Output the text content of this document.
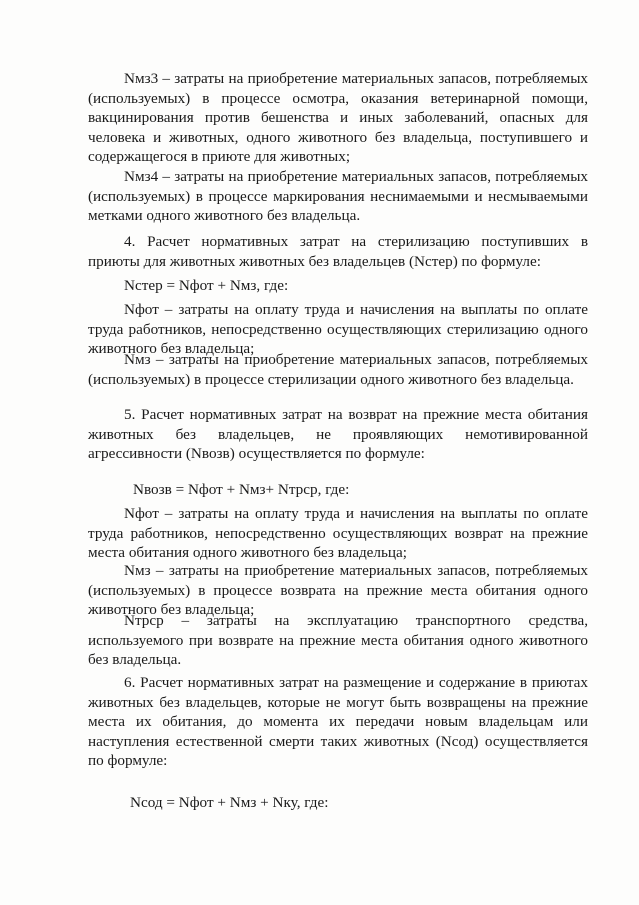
Nмз3 – затраты на приобретение материальных запасов, потребляемых (используемых) в процессе осмотра, оказания ветеринарной помощи, вакцинирования против бешенства и иных заболеваний, опасных для человека и животных, одного животного без владельца, поступившего и содержащегося в приюте для животных;

Nмз4 – затраты на приобретение материальных запасов, потребляемых (используемых) в процессе маркирования неснимаемыми и несмываемыми метками одного животного без владельца.

4. Расчет нормативных затрат на стерилизацию поступивших в приюты для животных животных без владельцев (Nстер) по формуле:

Nстер = Nфот + Nмз, где:

Nфот – затраты на оплату труда и начисления на выплаты по оплате труда работников, непосредственно осуществляющих стерилизацию одного животного без владельца;

Nмз – затраты на приобретение материальных запасов, потребляемых (используемых) в процессе стерилизации одного животного без владельца.

5. Расчет нормативных затрат на возврат на прежние места обитания животных без владельцев, не проявляющих немотивированной агрессивности (Nвозв) осуществляется по формуле:

Nвозв = Nфот + Nмз+ Nтрср, где:

Nфот – затраты на оплату труда и начисления на выплаты по оплате труда работников, непосредственно осуществляющих возврат на прежние места обитания одного животного без владельца;

Nмз – затраты на приобретение материальных запасов, потребляемых (используемых) в процессе возврата на прежние места обитания одного животного без владельца;

Nтрср – затраты на эксплуатацию транспортного средства, используемого при возврате на прежние места обитания одного животного без владельца.

6. Расчет нормативных затрат на размещение и содержание в приютах животных без владельцев, которые не могут быть возвращены на прежние места их обитания, до момента их передачи новым владельцам или наступления естественной смерти таких животных (Nсод) осуществляется по формуле:

Nсод = Nфот + Nмз + Nку, где:
